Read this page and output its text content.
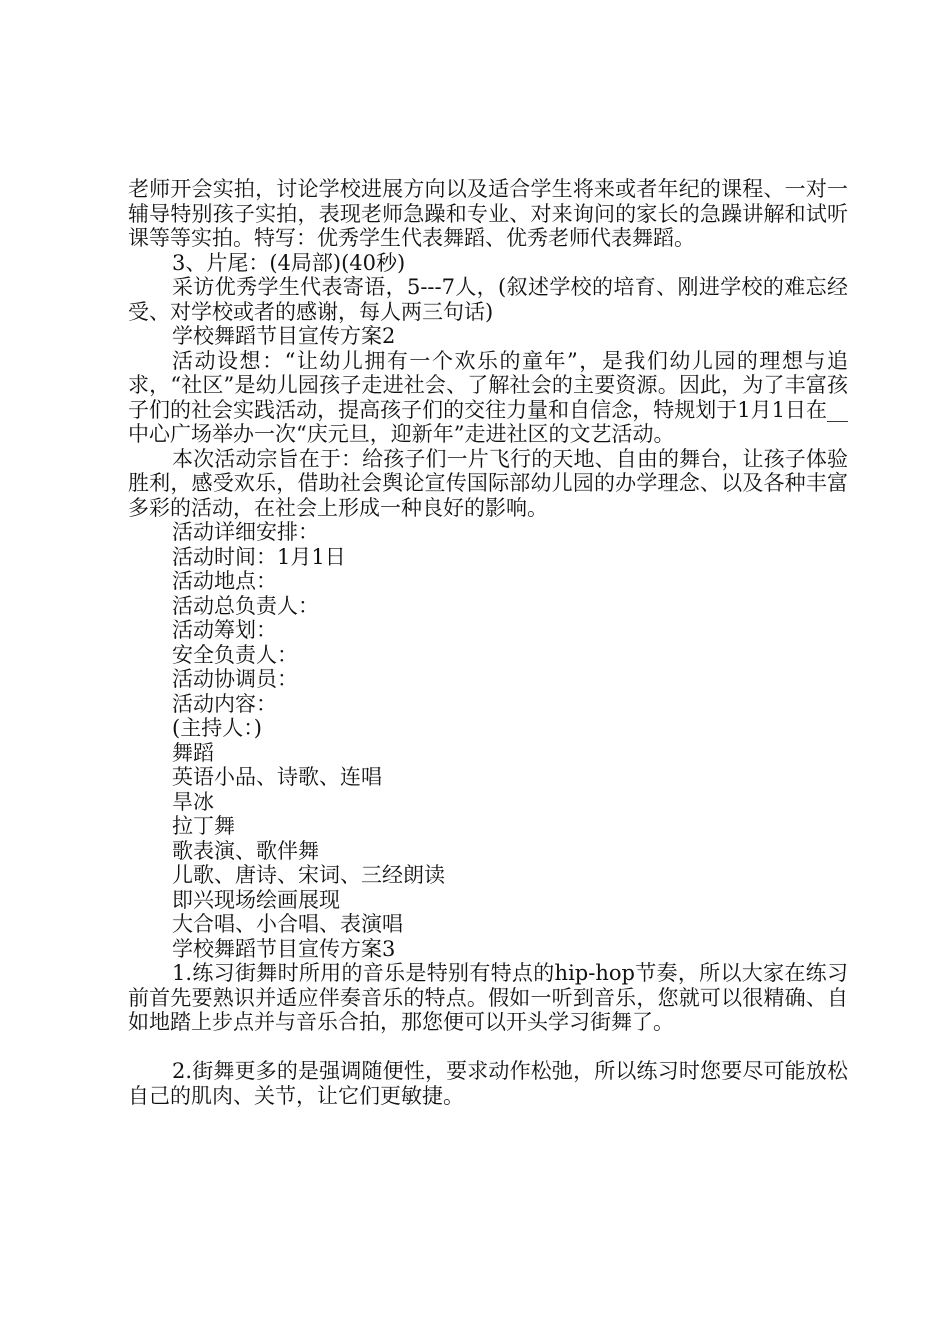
老师开会实拍，讨论学校进展方向以及适合学生将来或者年纪的课程、一对一辅导特别孩子实拍，表现老师急躁和专业、对来询问的家长的急躁讲解和试听课等等实拍。特写：优秀学生代表舞蹈、优秀老师代表舞蹈。

3、片尾：(4局部)(40秒)

采访优秀学生代表寄语，5---7人，(叙述学校的培育、刚进学校的难忘经受、对学校或者的感谢，每人两三句话)

学校舞蹈节目宣传方案2

活动设想：“让幼儿拥有一个欢乐的童年”，是我们幼儿园的理想与追求，“社区”是幼儿园孩子走进社会、了解社会的主要资源。因此，为了丰富孩子们的社会实践活动，提高孩子们的交往力量和自信念，特规划于1月1日在__中心广场举办一次“庆元旦，迎新年”走进社区的文艺活动。

本次活动宗旨在于：给孩子们一片飞行的天地、自由的舞台，让孩子体验胜利，感受欢乐，借助社会舆论宣传国际部幼儿园的办学理念、以及各种丰富多彩的活动，在社会上形成一种良好的影响。

活动详细安排：

活动时间：1月1日

活动地点：

活动总负责人：

活动筹划：

安全负责人：

活动协调员：

活动内容：

(主持人：)

舞蹈

英语小品、诗歌、连唱

旱冰

拉丁舞

歌表演、歌伴舞

儿歌、唐诗、宋词、三经朗读

即兴现场绘画展现

大合唱、小合唱、表演唱

学校舞蹈节目宣传方案3

1.练习街舞时所用的音乐是特别有特点的hip-hop节奏，所以大家在练习前首先要熟识并适应伴奏音乐的特点。假如一听到音乐，您就可以很精确、自如地踏上步点并与音乐合拍，那您便可以开头学习街舞了。

2.街舞更多的是强调随便性，要求动作松弛，所以练习时您要尽可能放松自己的肌肉、关节，让它们更敏捷。
